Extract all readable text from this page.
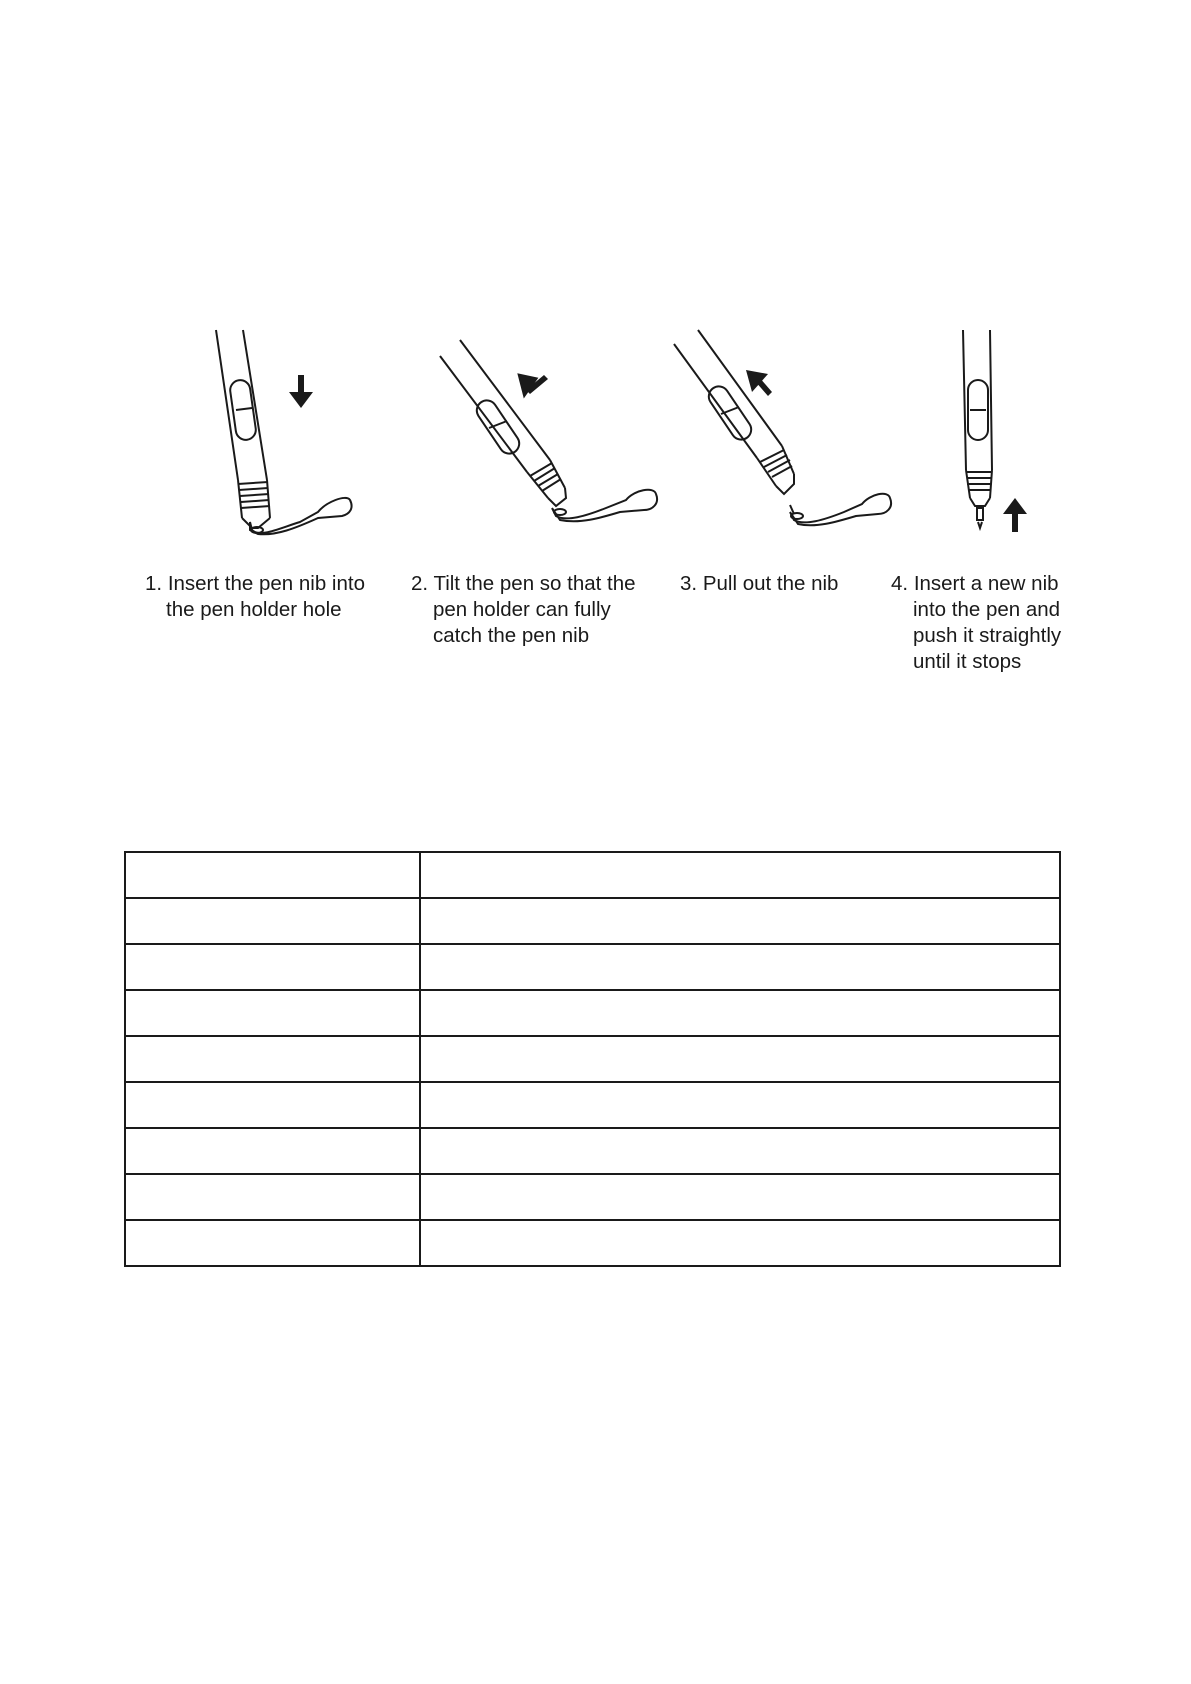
1. Insert the pen nib into
the pen holder hole
2. Tilt the pen so that the
pen holder can fully
catch the pen nib
3. Pull out the nib	4. Insert a new nib
into the pen and
push it straightly
until it stops
